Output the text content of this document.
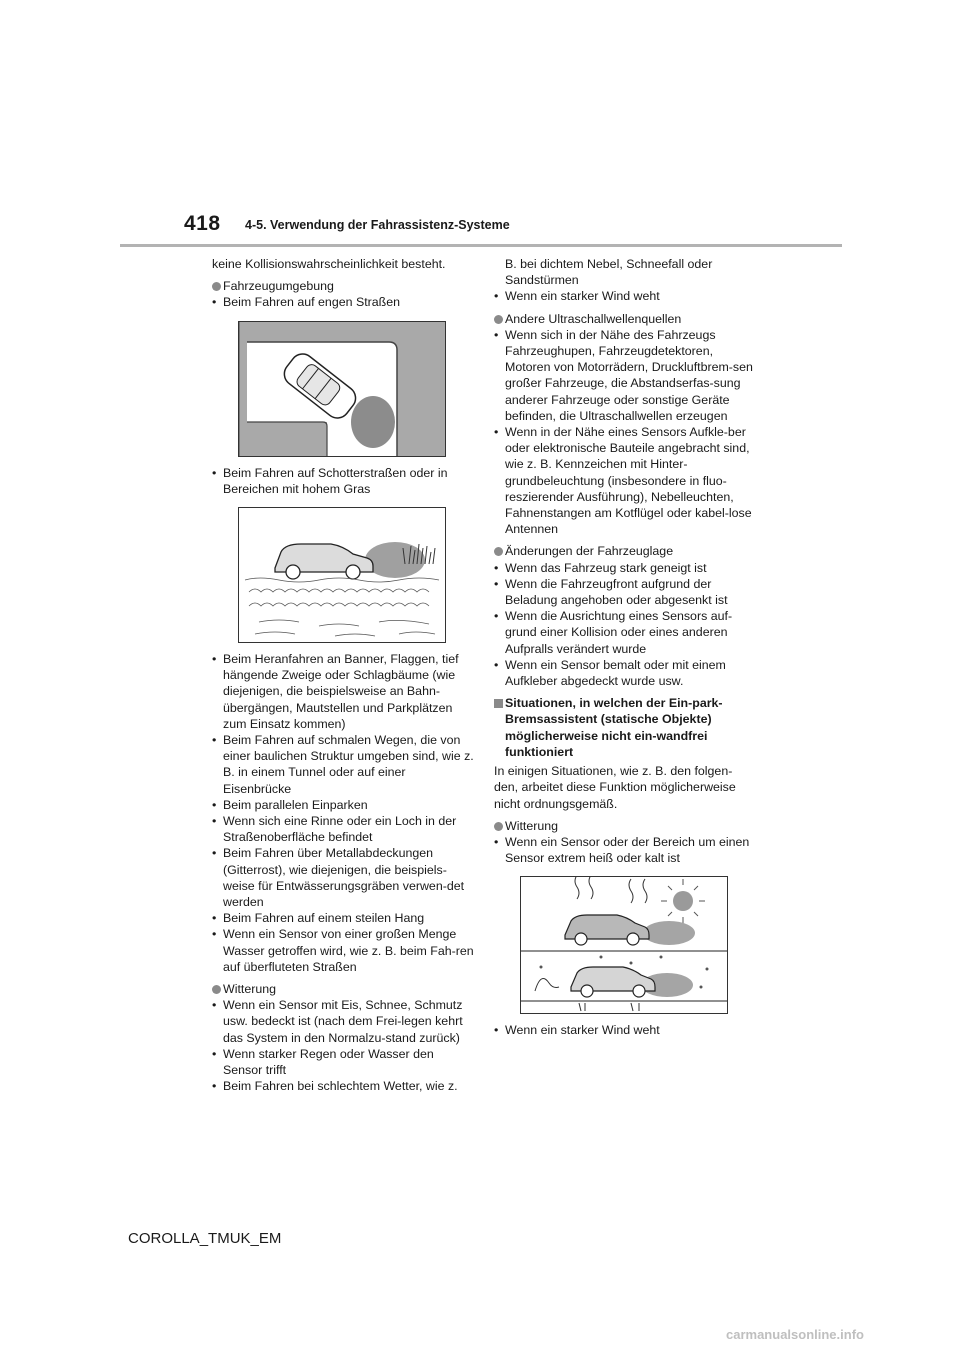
418 4-5. Verwendung der Fahrassistenz-Systeme

keine Kollisionswahrscheinlichkeit besteht.

Fahrzeugumgebung

• Beim Fahren auf engen Straßen
• Beim Fahren auf Schotterstraßen oder in Bereichen mit hohem Gras
• Beim Heranfahren an Banner, Flaggen, tief hängende Zweige oder Schlagbäume (wie diejenigen, die beispielsweise an Bahn-übergängen, Mautstellen und Parkplätzen zum Einsatz kommen)
• Beim Fahren auf schmalen Wegen, die von einer baulichen Struktur umgeben sind, wie z. B. in einem Tunnel oder auf einer Eisenbrücke
• Beim parallelen Einparken
• Wenn sich eine Rinne oder ein Loch in der Straßenoberfläche befindet
• Beim Fahren über Metallabdeckungen (Gitterrost), wie diejenigen, die beispiels-weise für Entwässerungsgräben verwen-det werden
• Beim Fahren auf einem steilen Hang
• Wenn ein Sensor von einer großen Menge Wasser getroffen wird, wie z. B. beim Fah-ren auf überfluteten Straßen

Witterung

• Wenn ein Sensor mit Eis, Schnee, Schmutz usw. bedeckt ist (nach dem Frei-legen kehrt das System in den Normalzu-stand zurück)
• Wenn starker Regen oder Wasser den Sensor trifft
• Beim Fahren bei schlechtem Wetter, wie z.

B. bei dichtem Nebel, Schneefall oder Sandstürmen

• Wenn ein starker Wind weht

Andere Ultraschallwellenquellen

• Wenn sich in der Nähe des Fahrzeugs Fahrzeughupen, Fahrzeugdetektoren, Motoren von Motorrädern, Druckluftbrem-sen großer Fahrzeuge, die Abstandserfas-sung anderer Fahrzeuge oder sonstige Geräte befinden, die Ultraschallwellen erzeugen
• Wenn in der Nähe eines Sensors Aufkle-ber oder elektronische Bauteile angebracht sind, wie z. B. Kennzeichen mit Hinter-grundbeleuchtung (insbesondere in fluo-reszierender Ausführung), Nebelleuchten, Fahnenstangen am Kotflügel oder kabel-lose Antennen

Änderungen der Fahrzeuglage

• Wenn das Fahrzeug stark geneigt ist
• Wenn die Fahrzeugfront aufgrund der Beladung angehoben oder abgesenkt ist
• Wenn die Ausrichtung eines Sensors auf-grund einer Kollision oder eines anderen Aufpralls verändert wurde
• Wenn ein Sensor bemalt oder mit einem Aufkleber abgedeckt wurde usw.

Situationen, in welchen der Ein-park-Bremsassistent (statische Objekte) möglicherweise nicht ein-wandfrei funktioniert

In einigen Situationen, wie z. B. den folgen-den, arbeitet diese Funktion möglicherweise nicht ordnungsgemäß.

Witterung

• Wenn ein Sensor oder der Bereich um einen Sensor extrem heiß oder kalt ist
• Wenn ein starker Wind weht
COROLLA_TMUK_EM
carmanualsonline.info
